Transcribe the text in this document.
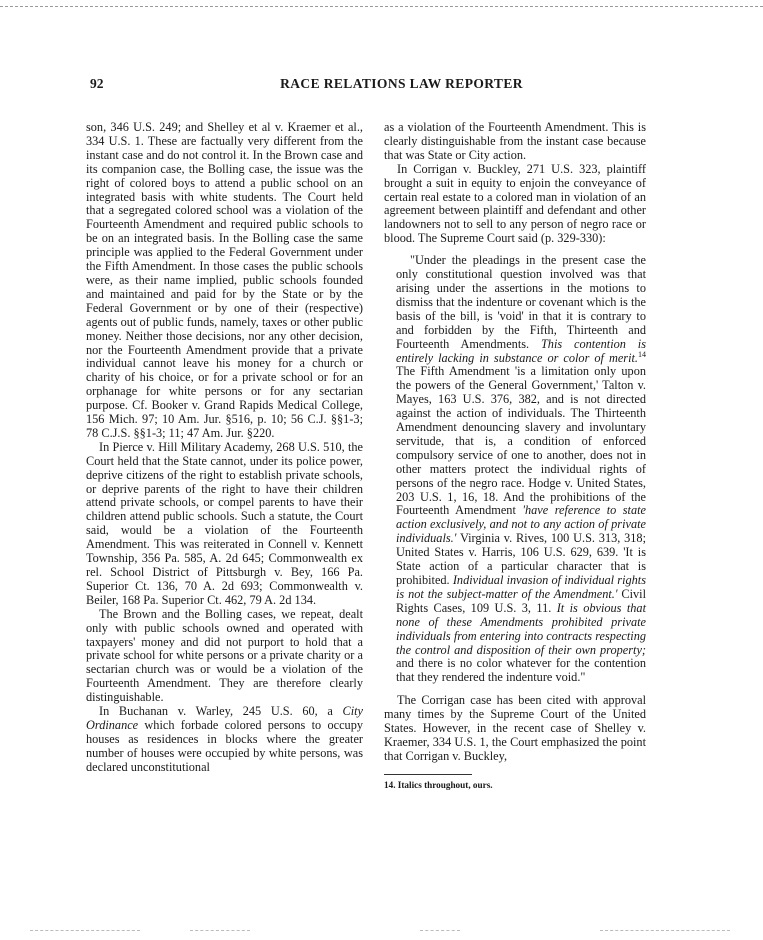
92	RACE RELATIONS LAW REPORTER

son, 346 U.S. 249; and Shelley et al v. Kraemer et al., 334 U.S. 1. These are factually very different from the instant case and do not control it. In the Brown case and its companion case, the Bolling case, the issue was the right of colored boys to attend a public school on an integrated basis with white students. The Court held that a segregated colored school was a violation of the Fourteenth Amendment and required public schools to be on an integrated basis. In the Bolling case the same principle was applied to the Federal Government under the Fifth Amendment. In those cases the public schools were, as their name implied, public schools founded and maintained and paid for by the State or by the Federal Government or by one of their (respective) agents out of public funds, namely, taxes or other public money. Neither those decisions, nor any other decision, nor the Fourteenth Amendment provide that a private individual cannot leave his money for a church or charity of his choice, or for a private school or for an orphanage for white persons or for any sectarian purpose. Cf. Booker v. Grand Rapids Medical College, 156 Mich. 97; 10 Am. Jur. §516, p. 10; 56 C.J. §§1-3; 78 C.J.S. §§1-3; 11; 47 Am. Jur. §220.

In Pierce v. Hill Military Academy, 268 U.S. 510, the Court held that the State cannot, under its police power, deprive citizens of the right to establish private schools, or deprive parents of the right to have their children attend private schools, or compel parents to have their children attend public schools. Such a statute, the Court said, would be a violation of the Fourteenth Amendment. This was reiterated in Connell v. Kennett Township, 356 Pa. 585, A. 2d 645; Commonwealth ex rel. School District of Pittsburgh v. Bey, 166 Pa. Superior Ct. 136, 70 A. 2d 693; Commonwealth v. Beiler, 168 Pa. Superior Ct. 462, 79 A. 2d 134.

The Brown and the Bolling cases, we repeat, dealt only with public schools owned and operated with taxpayers' money and did not purport to hold that a private school for white persons or a private charity or a sectarian church was or would be a violation of the Fourteenth Amendment. They are therefore clearly distinguishable.

In Buchanan v. Warley, 245 U.S. 60, a City Ordinance which forbade colored persons to occupy houses as residences in blocks where the greater number of houses were occupied by white persons, was declared unconstitutional

as a violation of the Fourteenth Amendment. This is clearly distinguishable from the instant case because that was State or City action.

In Corrigan v. Buckley, 271 U.S. 323, plaintiff brought a suit in equity to enjoin the conveyance of certain real estate to a colored man in violation of an agreement between plaintiff and defendant and other landowners not to sell to any person of negro race or blood. The Supreme Court said (p. 329-330):

"Under the pleadings in the present case the only constitutional question involved was that arising under the assertions in the motions to dismiss that the indenture or covenant which is the basis of the bill, is 'void' in that it is contrary to and forbidden by the Fifth, Thirteenth and Fourteenth Amendments. This contention is entirely lacking in substance or color of merit.$^{14}$ The Fifth Amendment 'is a limitation only upon the powers of the General Government,' Talton v. Mayes, 163 U.S. 376, 382, and is not directed against the action of individuals. The Thirteenth Amendment denouncing slavery and involuntary servitude, that is, a condition of enforced compulsory service of one to another, does not in other matters protect the individual rights of persons of the negro race. Hodge v. United States, 203 U.S. 1, 16, 18. And the prohibitions of the Fourteenth Amendment 'have reference to state action exclusively, and not to any action of private individuals.' Virginia v. Rives, 100 U.S. 313, 318; United States v. Harris, 106 U.S. 629, 639. 'It is State action of a particular character that is prohibited. Individual invasion of individual rights is not the subject-matter of the Amendment.' Civil Rights Cases, 109 U.S. 3, 11. It is obvious that none of these Amendments prohibited private individuals from entering into contracts respecting the control and disposition of their own property; and there is no color whatever for the contention that they rendered the indenture void."

The Corrigan case has been cited with approval many times by the Supreme Court of the United States. However, in the recent case of Shelley v. Kraemer, 334 U.S. 1, the Court emphasized the point that Corrigan v. Buckley,

14. Italics throughout, ours.
